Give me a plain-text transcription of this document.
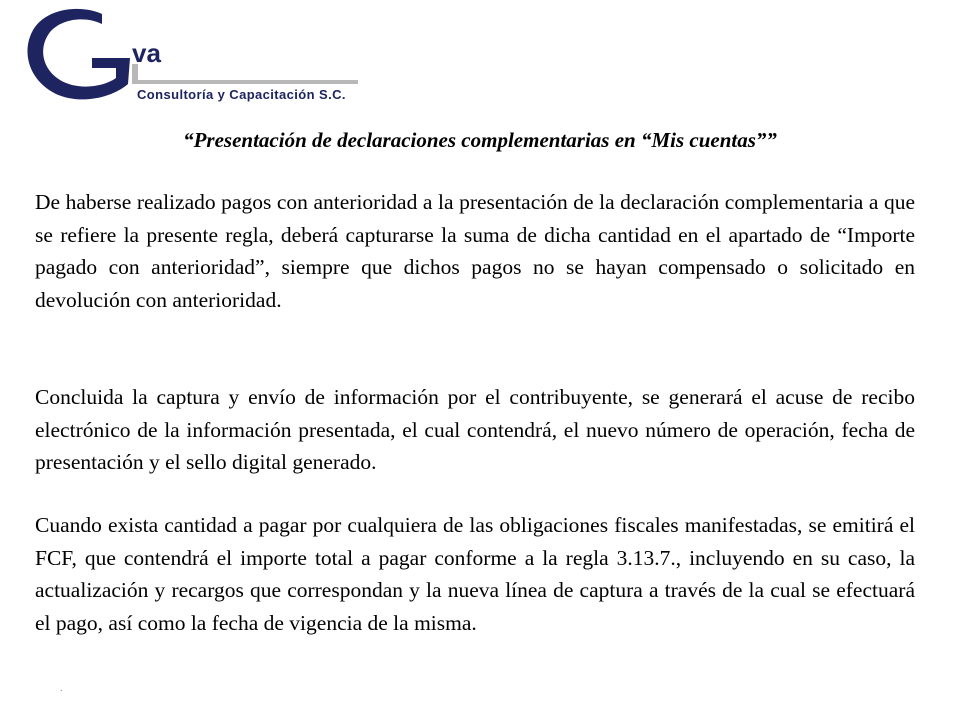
va
Consultoría y Capacitación S.C.
“Presentación de declaraciones complementarias en “Mis cuentas””

De haberse realizado pagos con anterioridad a la presentación de la declaración complementaria a que se refiere la presente regla, deberá capturarse la suma de dicha cantidad en el apartado de “Importe pagado con anterioridad”, siempre que dichos pagos no se hayan compensado o solicitado en devolución con anterioridad.

Concluida la captura y envío de información por el contribuyente, se generará el acuse de recibo electrónico de la información presentada, el cual contendrá, el nuevo número de operación, fecha de presentación y el sello digital generado.

Cuando exista cantidad a pagar por cualquiera de las obligaciones fiscales manifestadas, se emitirá el FCF, que contendrá el importe total a pagar conforme a la regla 3.13.7., incluyendo en su caso, la actualización y recargos que correspondan y la nueva línea de captura a través de la cual se efectuará el pago, así como la fecha de vigencia de la misma.

.
